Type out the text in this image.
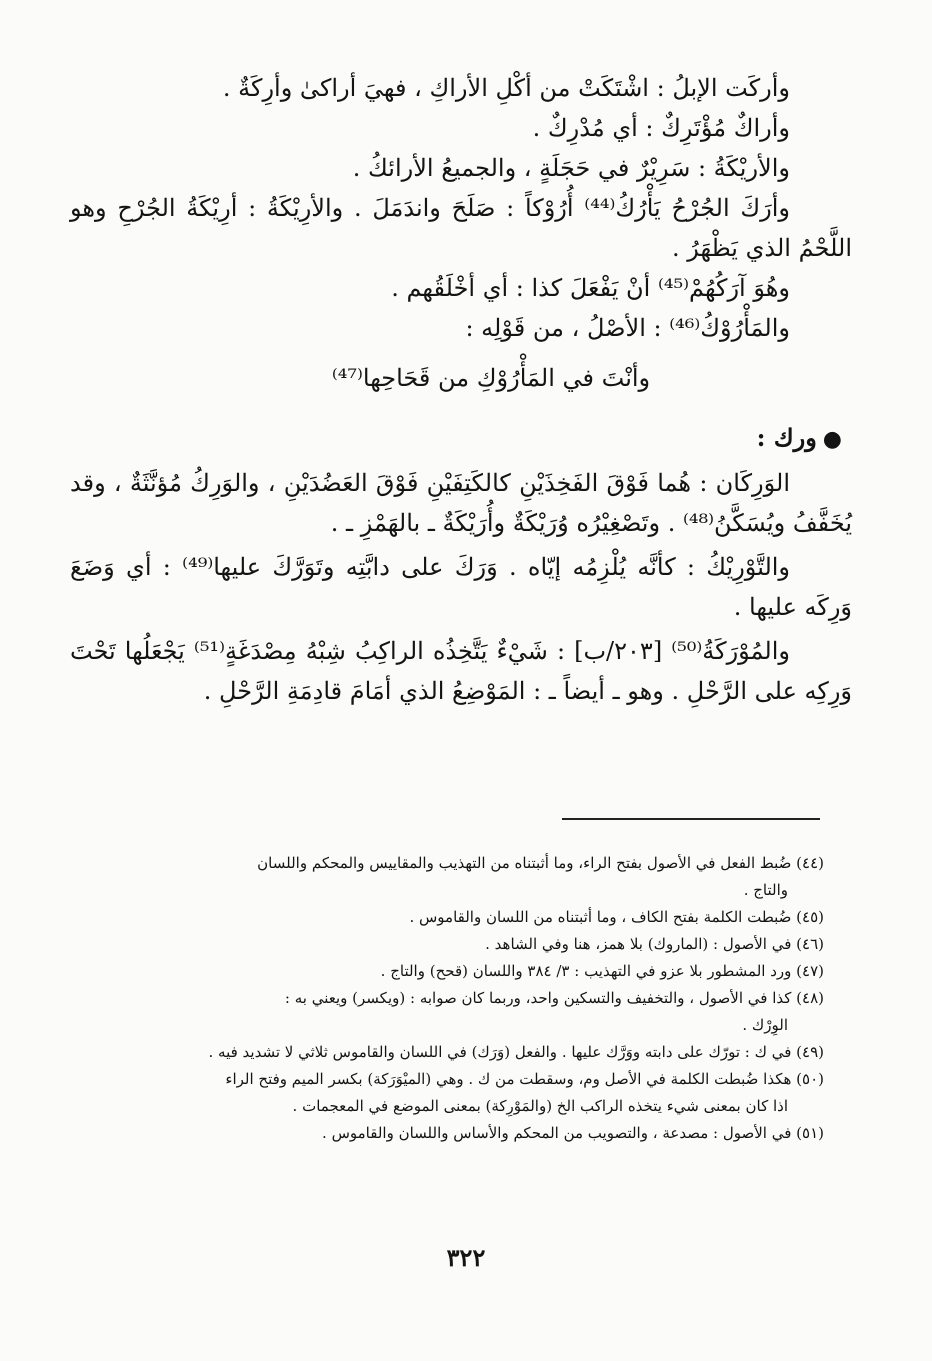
وأركَت الإبلُ : اشْتَكَتْ من أكْلِ الأراكِ ، فهيَ أراكىٰ وأرِكَةٌ .

وأراكٌ مُؤْتَرِكٌ : أي مُدْرِكٌ .

والأريْكَةُ : سَرِيْرٌ في حَجَلَةٍ ، والجميعُ الأرائكُ .

وأرَكَ الجُرْحُ يَأْرُكُ⁽⁴⁴⁾ أُرُوْكاً : صَلَحَ واندَمَلَ . والأرِيْكَةُ : أرِيْكَةُ الجُرْحِ وهو اللَّحْمُ الذي يَظْهَرُ .

وهُوَ آرَكُهُمْ⁽⁴⁵⁾ أنْ يَفْعَلَ كذا : أي أخْلَقُهم .

والمَأْرُوْكُ⁽⁴⁶⁾ : الأصْلُ ، من قَوْلِه :

وأنْتَ في المَأْرُوْكِ من قَحَاحِها⁽⁴⁷⁾

●ورك :

الوَرِكَان : هُما فَوْقَ الفَخِذَيْنِ كالكَتِفَيْنِ فَوْقَ العَضُدَيْنِ ، والوَرِكُ مُؤنَّثَةٌ ، وقد يُخَفَّفُ ويُسَكَّنُ⁽⁴⁸⁾ . وتَصْغِيْرُه وُرَيْكَةٌ وأُرَيْكَةٌ ـ بالهَمْزِ ـ .

والتَّوْرِيْكُ : كأنَّه يُلْزِمُه إيّاه . وَرَكَ على دابَّتِه وتَوَرَّكَ عليها⁽⁴⁹⁾ : أي وَضَعَ وَرِكَه عليها .

والمُوْرَكَةُ⁽⁵⁰⁾ [٢٠٣/ب] : شَيْءٌ يَتَّخِذُه الراكِبُ شِبْهُ مِصْدَغَةٍ⁽⁵¹⁾ يَجْعَلُها تَحْتَ وَرِكِه على الرَّحْلِ . وهو ـ أيضاً ـ : المَوْضِعُ الذي أمَامَ قادِمَةِ الرَّحْلِ .

(٤٤) ضُبط الفعل في الأصول بفتح الراء، وما أثبتناه من التهذيب والمقاييس والمحكم واللسان

والتاج .

(٤٥) ضُبطت الكلمة بفتح الكاف ، وما أثبتناه من اللسان والقاموس .

(٤٦) في الأصول : (الماروك) بلا همز، هنا وفي الشاهد .

(٤٧) ورد المشطور بلا عزو في التهذيب : ٣/ ٣٨٤ واللسان (قحح) والتاج .

(٤٨) كذا في الأصول ، والتخفيف والتسكين واحد، وربما كان صوابه : (ويكسر) ويعني به :

الوِرْك .

(٤٩) في ك : تورّك على دابته ووَرَّك عليها . والفعل (وَرَك) في اللسان والقاموس ثلاثي لا تشديد فيه .

(٥٠) هكذا ضُبطت الكلمة في الأصل وم، وسقطت من ك . وهي (الميْوَرَكة) بكسر الميم وفتح الراء

اذا كان بمعنى شيء يتخذه الراكب الخ (والمَوْرِكة) بمعنى الموضع في المعجمات .

(٥١) في الأصول : مصدعة ، والتصويب من المحكم والأساس واللسان والقاموس .

٣٢٢
